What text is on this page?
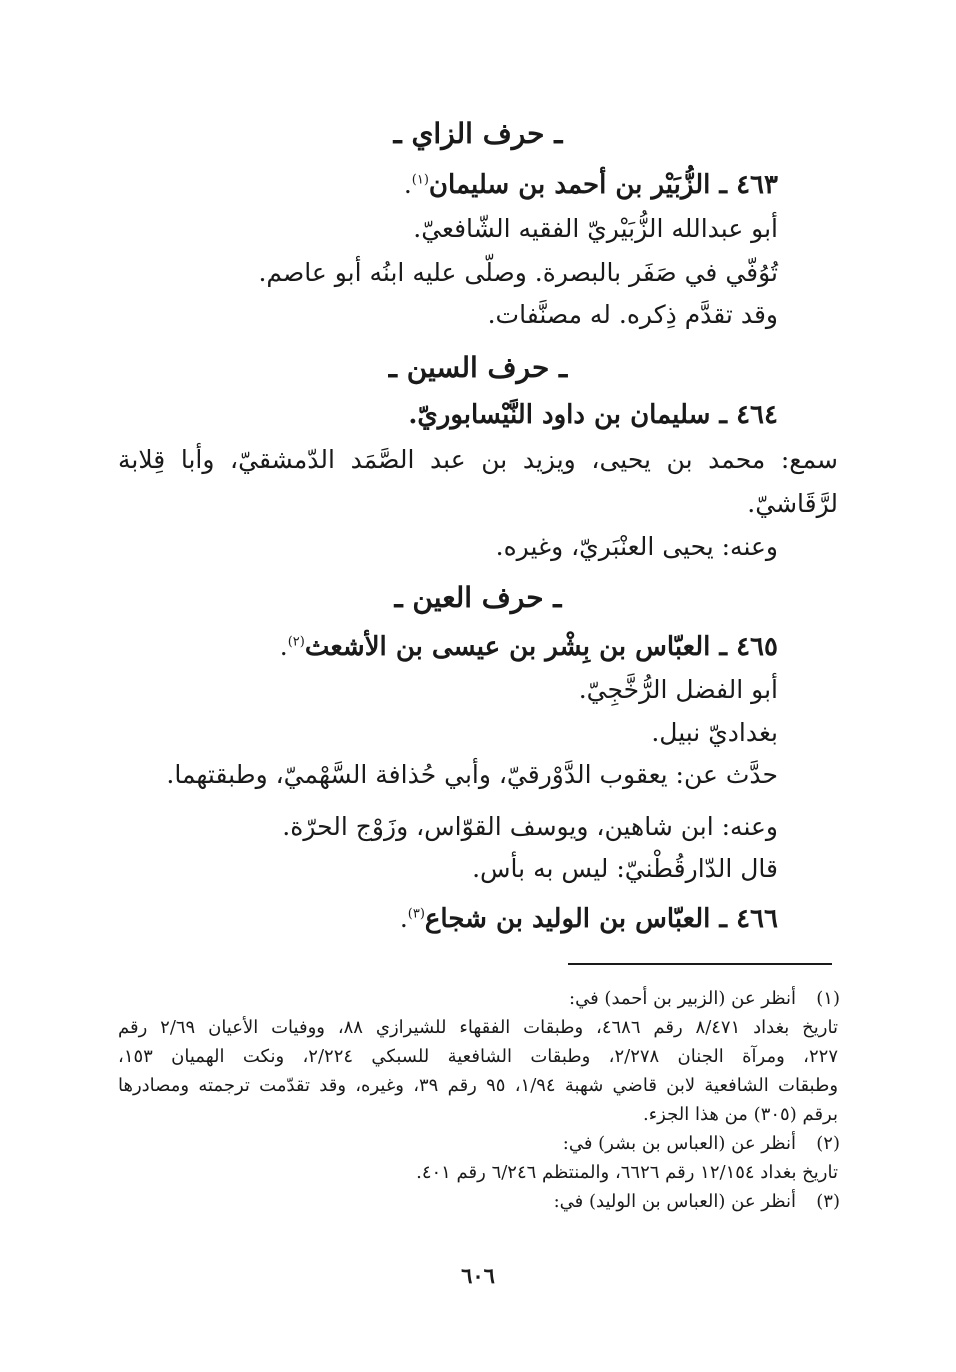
ـ حرف الزاي ـ
٤٦٣ ـ الزُّبَيْر بن أحمد بن سليمان$^{(١)}$.
أبو عبدالله الزُّبَيْريّ الفقيه الشّافعيّ.
تُوُفّي في صَفَر بالبصرة. وصلّى عليه ابنُه أبو عاصم.
وقد تقدَّم ذِكره. له مصنَّفات.
ـ حرف السين ـ
٤٦٤ ـ سليمان بن داود النَّيْسابوريّ.
سمع: محمد بن يحيى، ويزيد بن عبد الصَّمَد الدّمشقيّ، وأبا قِلابة
لرَّقَاشيّ.
وعنه: يحيى العنْبَريّ، وغيره.
ـ حرف العين ـ
٤٦٥ ـ العبّاس بن بِشْر بن عيسى بن الأشعث$^{(٢)}$.
أبو الفضل الرُّخَّجِيّ.
بغداديّ نبيل.
حدَّث عن: يعقوب الدَّوْرقيّ، وأبي حُذافة السَّهْميّ، وطبقتهما.
وعنه: ابن شاهين، ويوسف القوّاس، وزَوْج الحرّة.
قال الدّارقُطْنيّ: ليس به بأس.
٤٦٦ ـ العبّاس بن الوليد بن شجاع$^{(٣)}$.
(١)
أنظر عن (الزبير بن أحمد) في:
تاريخ بغداد ٨/٤٧١ رقم ٤٦٨٦، وطبقات الفقهاء للشيرازي ٨٨، ووفيات الأعيان ٢/٦٩ رقم
٢٢٧، ومرآة الجنان ٢/٢٧٨، وطبقات الشافعية للسبكي ٢/٢٢٤، ونكت الهميان ١٥٣،
وطبقات الشافعية لابن قاضي شهبة ١/٩٤، ٩٥ رقم ٣٩، وغيره، وقد تقدّمت ترجمته ومصادرها
برقم (٣٠٥) من هذا الجزء.
(٢)
أنظر عن (العباس بن بشر) في:
تاريخ بغداد ١٢/١٥٤ رقم ٦٦٢٦، والمنتظم ٦/٢٤٦ رقم ٤٠١.
(٣)
أنظر عن (العباس بن الوليد) في:
٦٠٦
